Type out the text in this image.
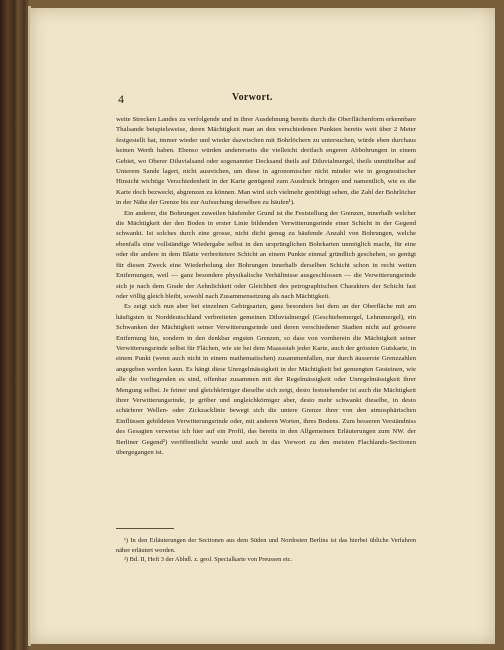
4	Vorwort.

weite Strecken Landes zu verfolgende und in ihrer Ausdehnung bereits durch die Oberflächenform erkennbare Thalsande beispielsweise, deren Mächtigkeit man an den verschiedenen Punkten bereits weit über 2 Meter festgestellt hat, immer wieder und wieder dazwischen mit Bohrlöchern zu untersuchen, würde eben durchaus keinen Werth haben. Ebenso würden andererseits die vielleicht dreifach engeren Abbohrungen in einem Gebiet, wo Oberer Diluvialsand oder sogenannter Decksand theils auf Diluvialmergel, theils unmittelbar auf Unterem Sande lagert, nicht ausreichen, um diese in agronomischer nicht minder wie in geognostischer Hinsicht wichtige Verschiedenheit in der Karte genügend zum Ausdruck bringen und namentlich, wie es die Karte doch bezweckt, abgrenzen zu können. Man wird sich vielmehr genöthigt sehen, die Zahl der Bohrlöcher in der Nähe der Grenze bis zur Aufsuchung derselben zu häufen¹).

Ein anderer, die Bohrungen zuweilen häufender Grund ist die Feststellung der Grenzen, innerhalb welcher die Mächtigkeit der den Boden in erster Linie bildenden Verwitterungsrinde einer Schicht in der Gegend schwankt. Ist solches durch eine grosse, nicht dicht genug zu häufende Anzahl von Bohrungen, welche ebenfalls eine vollständige Wiedergabe selbst in den ursprünglichen Bohrkarten unmöglich macht, für eine oder die andere in dem Blatte verbreitetere Schicht an einem Punkte einmal gründlich geschehen, so genügt für diesen Zweck eine Wiederholung der Bohrungen innerhalb derselben Schicht schon in recht weiten Entfernungen, weil — ganz besondere physikalische Verhältnisse ausgeschlossen — die Verwitterungsrinde sich je nach dem Grade der Aehnlichkeit oder Gleichheit des petrographischen Charakters der Schicht fast oder völlig gleich bleibt, sowohl nach Zusammensetzung als nach Mächtigkeit.

Es zeigt sich nun aber bei einzelnen Gebirgsarten, ganz besonders bei dem an der Oberfläche mit am häufigsten in Norddeutschland verbreiteten gemeinen Diluvialmergel (Geschiebemergel, Lehmmergel), ein Schwanken der Mächtigkeit seiner Verwitterungsrinde und deren verschiedener Stadien nicht auf grössere Entfernung hin, sondern in den denkbar engsten Grenzen, so dass von vornherein die Mächtigkeit seiner Verwitterungsrinde selbst für Flächen, wie sie bei dem Maassstab jeder Karte, auch der grössten Gutskarte, in einem Punkt (wenn auch nicht in einem mathematischen) zusammenfallen, nur durch äusserste Grenzzahlen angegeben werden kann. Es hängt diese Unregelmässigkeit in der Mächtigkeit bei gemengten Gesteinen, wie alle die vorliegenden es sind, offenbar zusammen mit der Regelmässigkeit oder Unregelmässigkeit ihrer Mengung selbst. Je feiner und gleichkörniger dieselbe sich zeigt, desto feststehender ist auch die Mächtigkeit ihrer Verwitterungsrinde, je gröber und ungleichkörniger aber, desto mehr schwankt dieselbe, in desto schärferer Wellen- oder Zickzacklinie bewegt sich die untere Grenze ihrer von den atmosphärischen Einflüssen gebildeten Verwitterungsrinde oder, mit anderen Worten, ihres Bodens. Zum besseren Verständniss des Gesagten verweise ich hier auf ein Profil, das bereits in den Allgemeinen Erläuterungen zum NW. der Berliner Gegend²) veröffentlicht wurde und auch in das Vorwort zu den meisten Flachlands-Sectionen übergegangen ist.

¹) In den Erläuterungen der Sectionen aus dem Süden und Nordosten Berlins ist das hierbei übliche Verfahren näher erläutert worden.

²) Bd. II, Heft 3 der Abhdl. z. geol. Specialkarte von Preussen etc.
